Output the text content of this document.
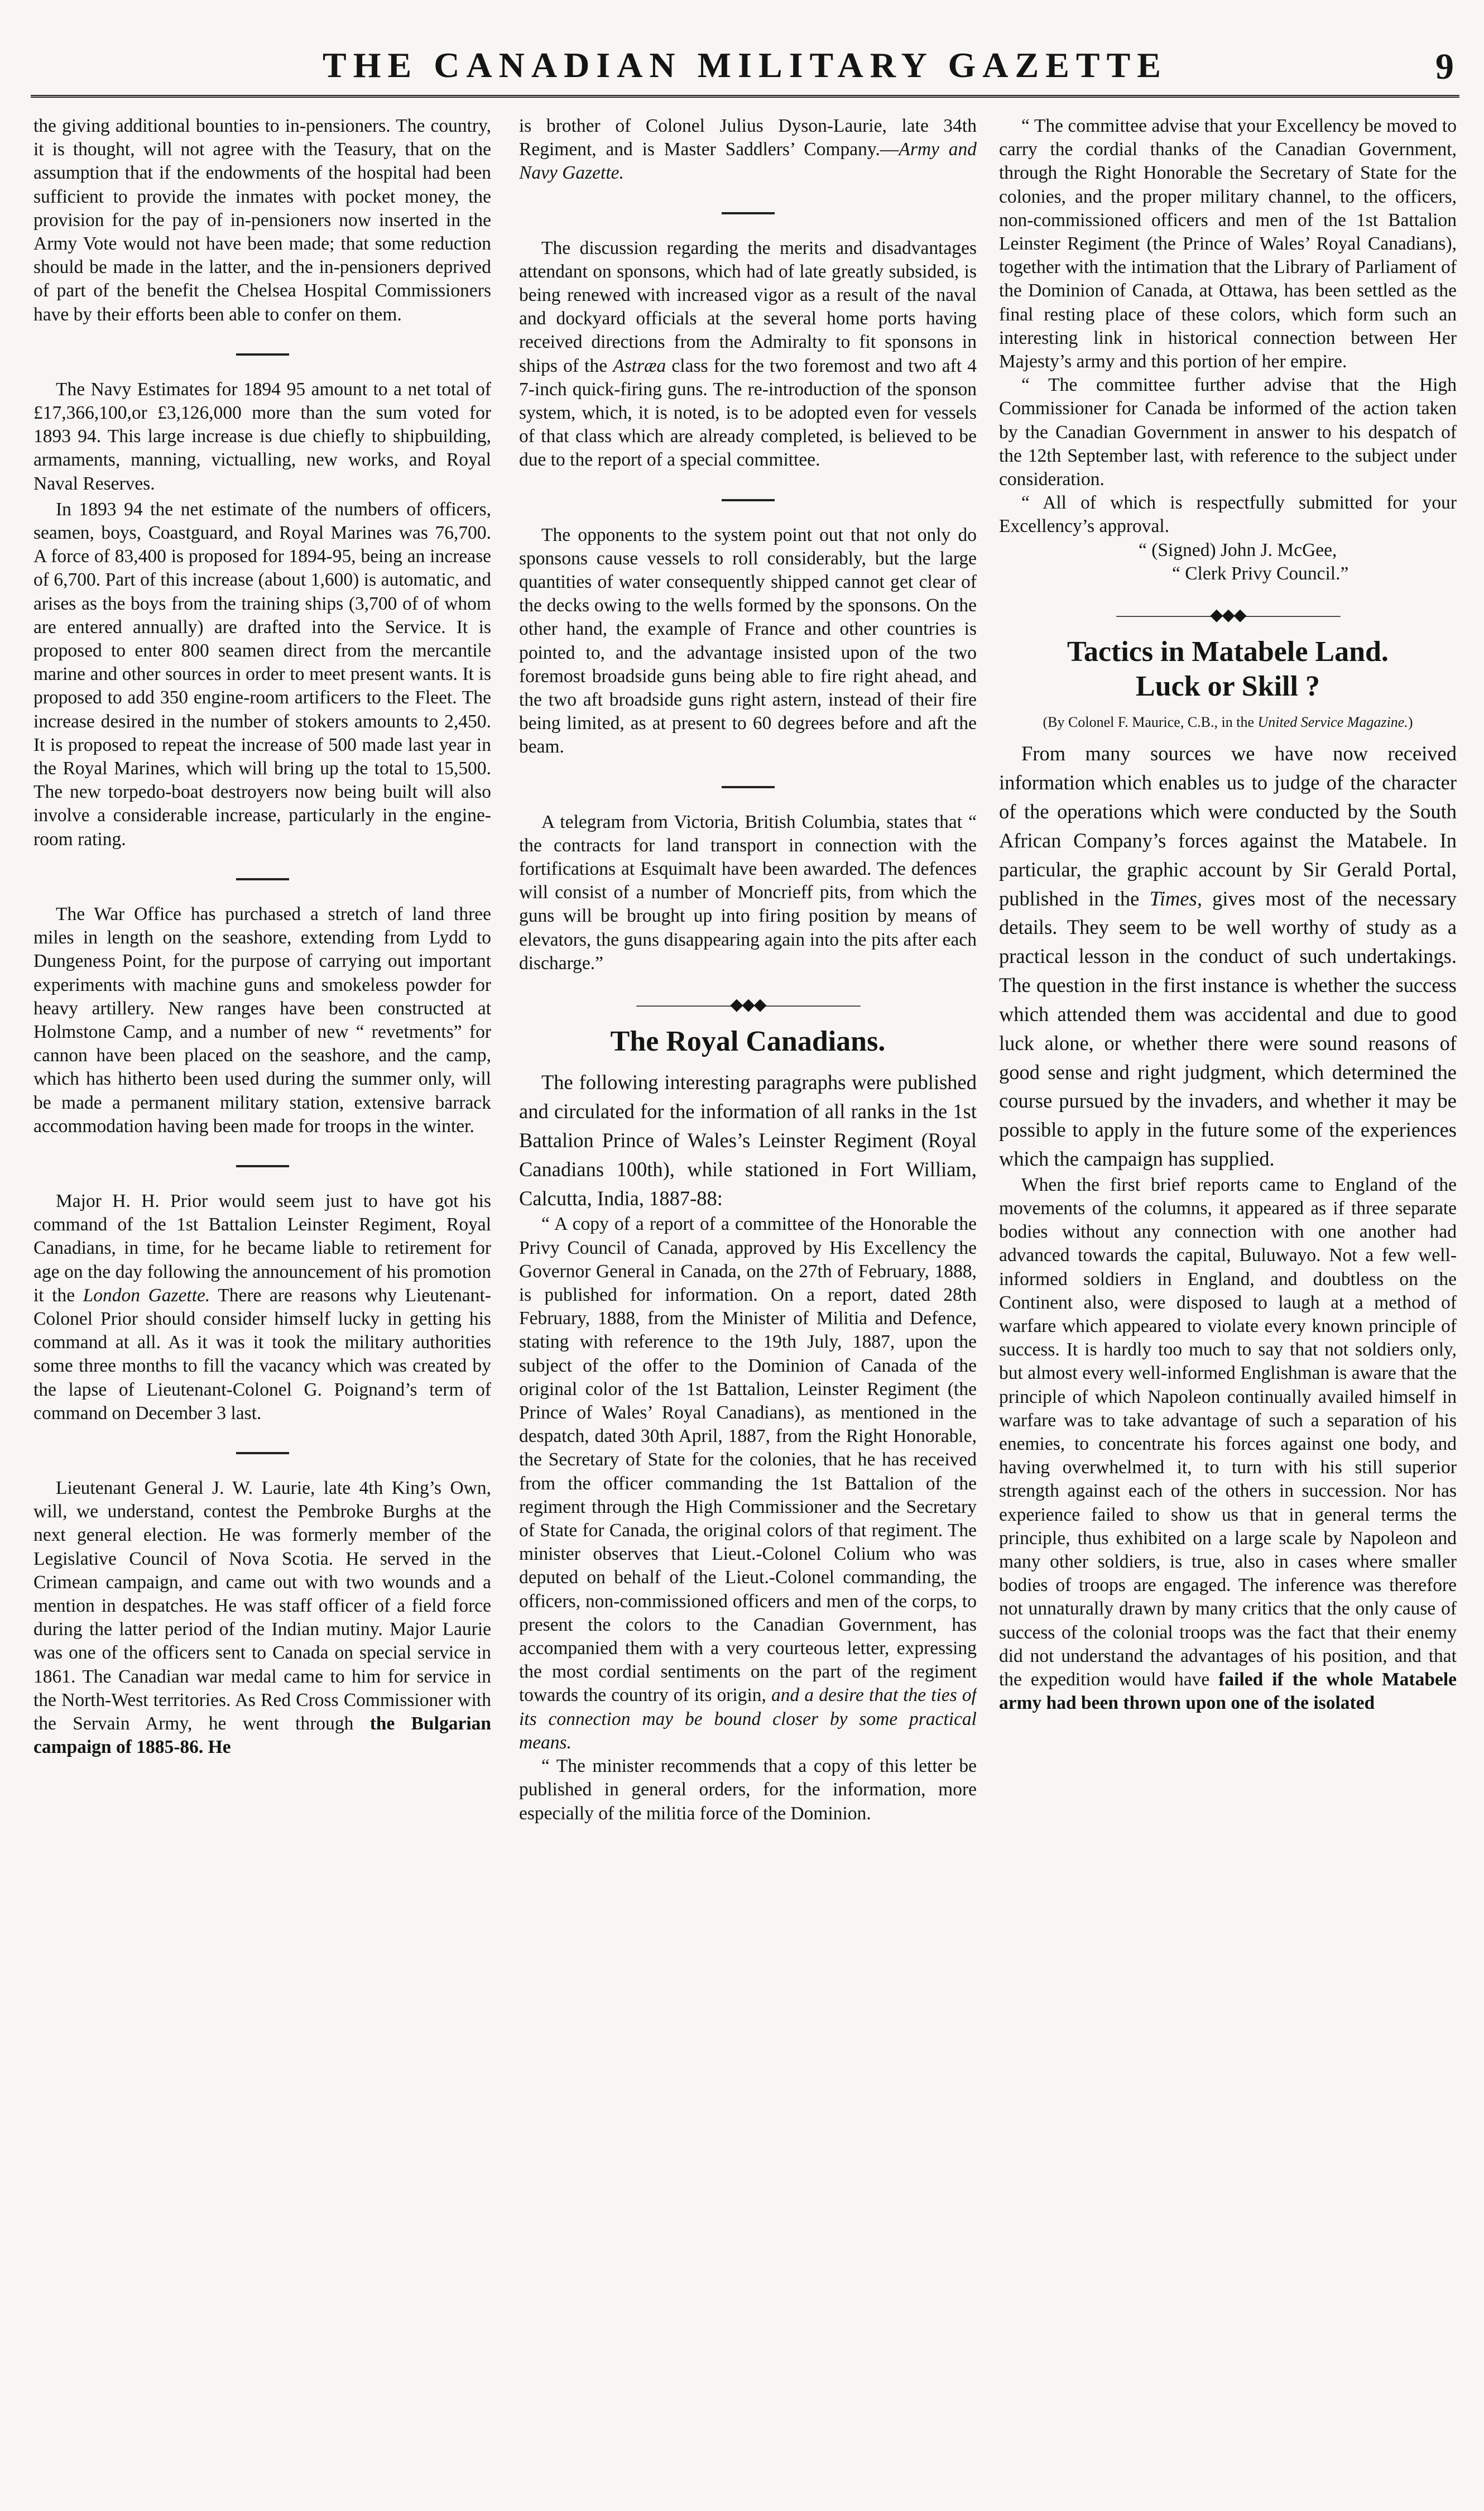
THE CANADIAN MILITARY GAZETTE	9

the giving additional bounties to in-pensioners. The country, it is thought, will not agree with the Teasury, that on the assumption that if the endowments of the hospital had been sufficient to provide the inmates with pocket money, the provision for the pay of in-pensioners now inserted in the Army Vote would not have been made; that some reduction should be made in the latter, and the in-pensioners deprived of part of the benefit the Chelsea Hospital Commissioners have by their efforts been able to confer on them.

The Navy Estimates for 1894 95 amount to a net total of £17,366,100,or £3,126,000 more than the sum voted for 1893 94. This large increase is due chiefly to shipbuilding, armaments, manning, victualling, new works, and Royal Naval Reserves.

In 1893 94 the net estimate of the numbers of officers, seamen, boys, Coastguard, and Royal Marines was 76,700. A force of 83,400 is proposed for 1894-95, being an increase of 6,700. Part of this increase (about 1,600) is automatic, and arises as the boys from the training ships (3,700 of of whom are entered annually) are drafted into the Service. It is proposed to enter 800 seamen direct from the mercantile marine and other sources in order to meet present wants. It is proposed to add 350 engine-room artificers to the Fleet. The increase desired in the number of stokers amounts to 2,450. It is proposed to repeat the increase of 500 made last year in the Royal Marines, which will bring up the total to 15,500. The new torpedo-boat destroyers now being built will also involve a considerable increase, particularly in the engine-room rating.

The War Office has purchased a stretch of land three miles in length on the seashore, extending from Lydd to Dungeness Point, for the purpose of carrying out important experiments with machine guns and smokeless powder for heavy artillery. New ranges have been constructed at Holmstone Camp, and a number of new “ revetments” for cannon have been placed on the seashore, and the camp, which has hitherto been used during the summer only, will be made a permanent military station, extensive barrack accommodation having been made for troops in the winter.

Major H. H. Prior would seem just to have got his command of the 1st Battalion Leinster Regiment, Royal Canadians, in time, for he became liable to retirement for age on the day following the announcement of his promotion it the London Gazette. There are reasons why Lieutenant-Colonel Prior should consider himself lucky in getting his command at all. As it was it took the military authorities some three months to fill the vacancy which was created by the lapse of Lieutenant-Colonel G. Poignand’s term of command on December 3 last.

Lieutenant General J. W. Laurie, late 4th King’s Own, will, we understand, contest the Pembroke Burghs at the next general election. He was formerly member of the Legislative Council of Nova Scotia. He served in the Crimean campaign, and came out with two wounds and a mention in despatches. He was staff officer of a field force during the latter period of the Indian mutiny. Major Laurie was one of the officers sent to Canada on special service in 1861. The Canadian war medal came to him for service in the North-West territories. As Red Cross Commissioner with the Servain Army, he went through the Bulgarian campaign of 1885-86. He

is brother of Colonel Julius Dyson-Laurie, late 34th Regiment, and is Master Saddlers’ Company.—Army and Navy Gazette.

The discussion regarding the merits and disadvantages attendant on sponsons, which had of late greatly subsided, is being renewed with increased vigor as a result of the naval and dockyard officials at the several home ports having received directions from the Admiralty to fit sponsons in ships of the Astræa class for the two foremost and two aft 4 7-inch quick-firing guns. The re-introduction of the sponson system, which, it is noted, is to be adopted even for vessels of that class which are already completed, is believed to be due to the report of a special committee.

The opponents to the system point out that not only do sponsons cause vessels to roll considerably, but the large quantities of water consequently shipped cannot get clear of the decks owing to the wells formed by the sponsons. On the other hand, the example of France and other countries is pointed to, and the advantage insisted upon of the two foremost broadside guns being able to fire right ahead, and the two aft broadside guns right astern, instead of their fire being limited, as at present to 60 degrees before and aft the beam.

A telegram from Victoria, British Columbia, states that “ the contracts for land transport in connection with the fortifications at Esquimalt have been awarded. The defences will consist of a number of Moncrieff pits, from which the guns will be brought up into firing position by means of elevators, the guns disappearing again into the pits after each discharge.”

——————◆◆◆——————
The Royal Canadians.

The following interesting paragraphs were published and circulated for the information of all ranks in the 1st Battalion Prince of Wales’s Leinster Regiment (Royal Canadians 100th), while stationed in Fort William, Calcutta, India, 1887-88:

“ A copy of a report of a committee of the Honorable the Privy Council of Canada, approved by His Excellency the Governor General in Canada, on the 27th of February, 1888, is published for information. On a report, dated 28th February, 1888, from the Minister of Militia and Defence, stating with reference to the 19th July, 1887, upon the subject of the offer to the Dominion of Canada of the original color of the 1st Battalion, Leinster Regiment (the Prince of Wales’ Royal Canadians), as mentioned in the despatch, dated 30th April, 1887, from the Right Honorable, the Secretary of State for the colonies, that he has received from the officer commanding the 1st Battalion of the regiment through the High Commissioner and the Secretary of State for Canada, the original colors of that regiment. The minister observes that Lieut.-Colonel Colium who was deputed on behalf of the Lieut.-Colonel commanding, the officers, non-commissioned officers and men of the corps, to present the colors to the Canadian Government, has accompanied them with a very courteous letter, expressing the most cordial sentiments on the part of the regiment towards the country of its origin, and a desire that the ties of its connection may be bound closer by some practical means.

“ The minister recommends that a copy of this letter be published in general orders, for the information, more especially of the militia force of the Dominion.

“ The committee advise that your Excellency be moved to carry the cordial thanks of the Canadian Government, through the Right Honorable the Secretary of State for the colonies, and the proper military channel, to the officers, non-commissioned officers and men of the 1st Battalion Leinster Regiment (the Prince of Wales’ Royal Canadians), together with the intimation that the Library of Parliament of the Dominion of Canada, at Ottawa, has been settled as the final resting place of these colors, which form such an interesting link in historical connection between Her Majesty’s army and this portion of her empire.

“ The committee further advise that the High Commissioner for Canada be informed of the action taken by the Canadian Government in answer to his despatch of the 12th September last, with reference to the subject under consideration.

“ All of which is respectfully submitted for your Excellency’s approval.

“ (Signed) John J. McGee,

“ Clerk Privy Council.”

——————◆◆◆——————
Tactics in Matabele Land.
Luck or Skill ?
(By Colonel F. Maurice, C.B., in the United Service Magazine.)

From many sources we have now received information which enables us to judge of the character of the operations which were conducted by the South African Company’s forces against the Matabele. In particular, the graphic account by Sir Gerald Portal, published in the Times, gives most of the necessary details. They seem to be well worthy of study as a practical lesson in the conduct of such undertakings. The question in the first instance is whether the success which attended them was accidental and due to good luck alone, or whether there were sound reasons of good sense and right judgment, which determined the course pursued by the invaders, and whether it may be possible to apply in the future some of the experiences which the campaign has supplied.

When the first brief reports came to England of the movements of the columns, it appeared as if three separate bodies without any connection with one another had advanced towards the capital, Buluwayo. Not a few well-informed soldiers in England, and doubtless on the Continent also, were disposed to laugh at a method of warfare which appeared to violate every known principle of success. It is hardly too much to say that not soldiers only, but almost every well-informed Englishman is aware that the principle of which Napoleon continually availed himself in warfare was to take advantage of such a separation of his enemies, to concentrate his forces against one body, and having overwhelmed it, to turn with his still superior strength against each of the others in succession. Nor has experience failed to show us that in general terms the principle, thus exhibited on a large scale by Napoleon and many other soldiers, is true, also in cases where smaller bodies of troops are engaged. The inference was therefore not unnaturally drawn by many critics that the only cause of success of the colonial troops was the fact that their enemy did not understand the advantages of his position, and that the expedition would have failed if the whole Matabele army had been thrown upon one of the isolated
